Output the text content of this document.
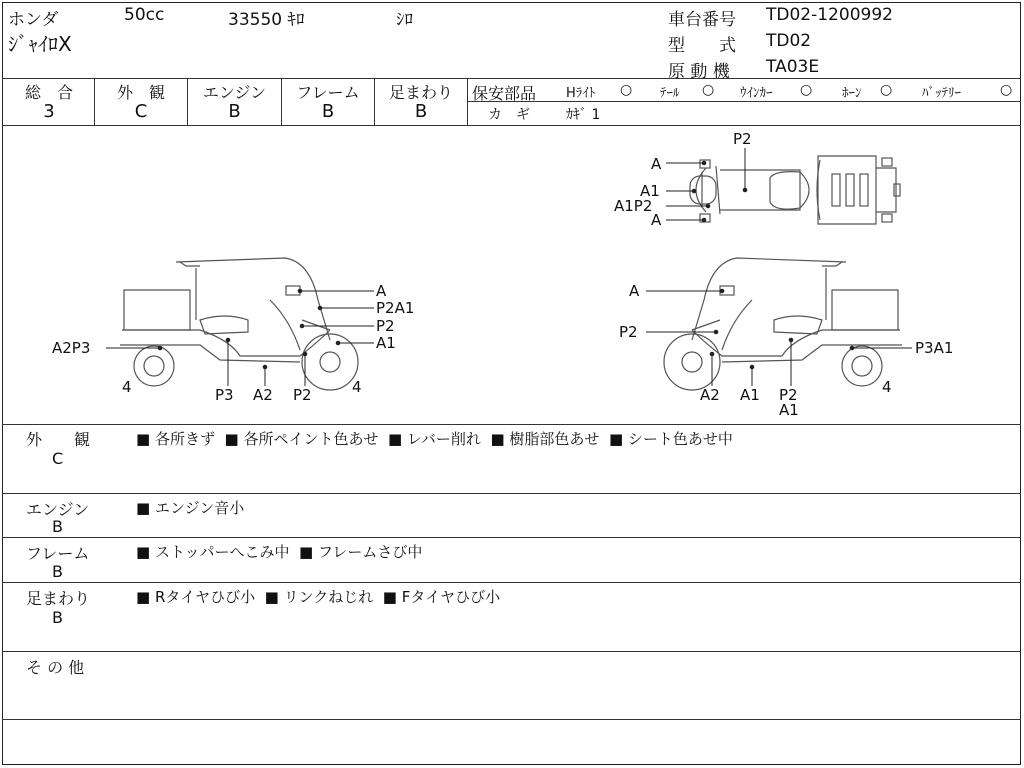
ホンダ	50cc	33550 ｷﾛ	ｼﾛ
ｼﾞｬｲﾛX
車台番号 TD02-1200992
型　　式 TD02
原 動 機 TA03E
総　合
3
外　観
C
エンジン
B
フレーム
B
足まわり
B
保安部品 Hﾗｲﾄ ○ ﾃｰﾙ ○ ｳｲﾝｶｰ ○ ﾎｰﾝ ○ ﾊﾞｯﾃﾘｰ	○
カ　ギ	ｶｷﾞ 1
A
P2A1
P2
A1
A2P3
4	P3 A2 P2	4
A
P2
P3A1
A2 A1 P2
A1
4
P2
A
A1
A1P2
A
外　　観
C
■ 各所きず  ■ 各所ペイント色あせ  ■ レバー削れ  ■ 樹脂部色あせ  ■ シート色あせ中
エンジン
B
■ エンジン音小
フレーム
B
■ ストッパーへこみ中  ■ フレームさび中
足まわり
B
■ Rタイヤひび小  ■ リンクねじれ  ■ Fタイヤひび小
そ の 他
